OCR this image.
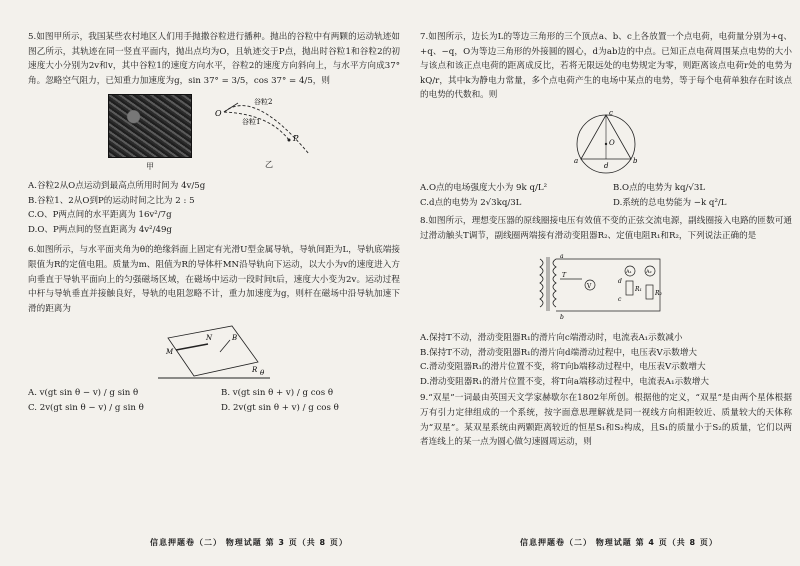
5.如图甲所示，我国某些农村地区人们用手抛撒谷粒进行播种。抛出的谷粒中有两颗的运动轨迹如图乙所示，其轨迹在同一竖直平面内，抛出点均为O，且轨迹交于P点，抛出时谷粒1和谷粒2的初速度大小分别为2v和v，其中谷粒1的速度方向水平，谷粒2的速度方向斜向上，与水平方向成37°角。忽略空气阻力，已知重力加速度为g，sin 37° = 3/5，cos 37° = 4/5，则

甲
O
谷粒2
谷粒1
P
乙

A.谷粒2从O点运动到最高点所用时间为 4v/5g

B.谷粒1、2从O到P的运动时间之比为 2 : 5

C.O、P两点间的水平距离为 16v²/7g

D.O、P两点间的竖直距离为 4v²/49g

6.如图所示，与水平面夹角为θ的绝缘斜面上固定有光滑U型金属导轨，导轨间距为L，导轨底端接限值为R的定值电阻。质量为m、阻值为R的导体杆MN沿导轨向下运动，以大小为v的速度进入方向垂直于导轨平面向上的匀强磁场区域，在磁场中运动一段时间t后，速度大小变为2v。运动过程中杆与导轨垂直并接触良好，导轨的电阻忽略不计，重力加速度为g，则杆在磁场中沿导轨加速下滑的距离为

N
M
B
R θ

A. v(gt sin θ − v) / g sin θ	B. v(gt sin θ + v) / g cos θ

C. 2v(gt sin θ − v) / g sin θ	D. 2v(gt sin θ + v) / g cos θ

信息押题卷（二） 物理试题 第 3 页（共 8 页）

7.如图所示，边长为L的等边三角形的三个顶点a、b、c上各放置一个点电荷，电荷量分别为+q、+q、−q，O为等边三角形的外接圆的圆心，d为ab边的中点。已知正点电荷周围某点电势的大小与该点和该正点电荷的距离成反比，若将无限远处的电势规定为零，则距离该点电荷r处的电势为 kQ/r，其中k为静电力常量，多个点电荷产生的电场中某点的电势，等于每个电荷单独存在时该点的电势的代数和。则

c
O
a
d
b

A.O点的电场强度大小为 9k q/L²	B.O点的电势为 kq/√3L

C.d点的电势为 2√3kq/3L	D.系统的总电势能为 −k q²/L

8.如图所示，理想变压器的原线圈接电压有效值不变的正弦交流电源，副线圈接入电路的匝数可通过滑动触头T调节，副线圈两端接有滑动变阻器R₂、定值电阻R₁和R₂，下列说法正确的是

a
T
b
V
A₁	A₂
R₁
R₂
d
c

A.保持T不动，滑动变阻器R₁的滑片向c端滑动时，电流表A₁示数减小

B.保持T不动，滑动变阻器R₁的滑片向d端滑动过程中，电压表V示数增大

C.滑动变阻器R₁的滑片位置不变，将T向b端移动过程中，电压表V示数增大

D.滑动变阻器R₁的滑片位置不变，将T向a端移动过程中，电流表A₁示数增大

9.“双星”一词最由英国天文学家赫歇尔在1802年所创。根据他的定义，“双星”是由两个星体根据万有引力定律组成的一个系统，按字面意思理解就是同一视线方向相距较近、质量较大的天体称为“双星”。某双星系统由两颗距离较近的恒星S₁和S₂构成，且S₁的质量小于S₂的质量，它们以两者连线上的某一点为圆心做匀速圆周运动，则

信息押题卷（二） 物理试题 第 4 页（共 8 页）
